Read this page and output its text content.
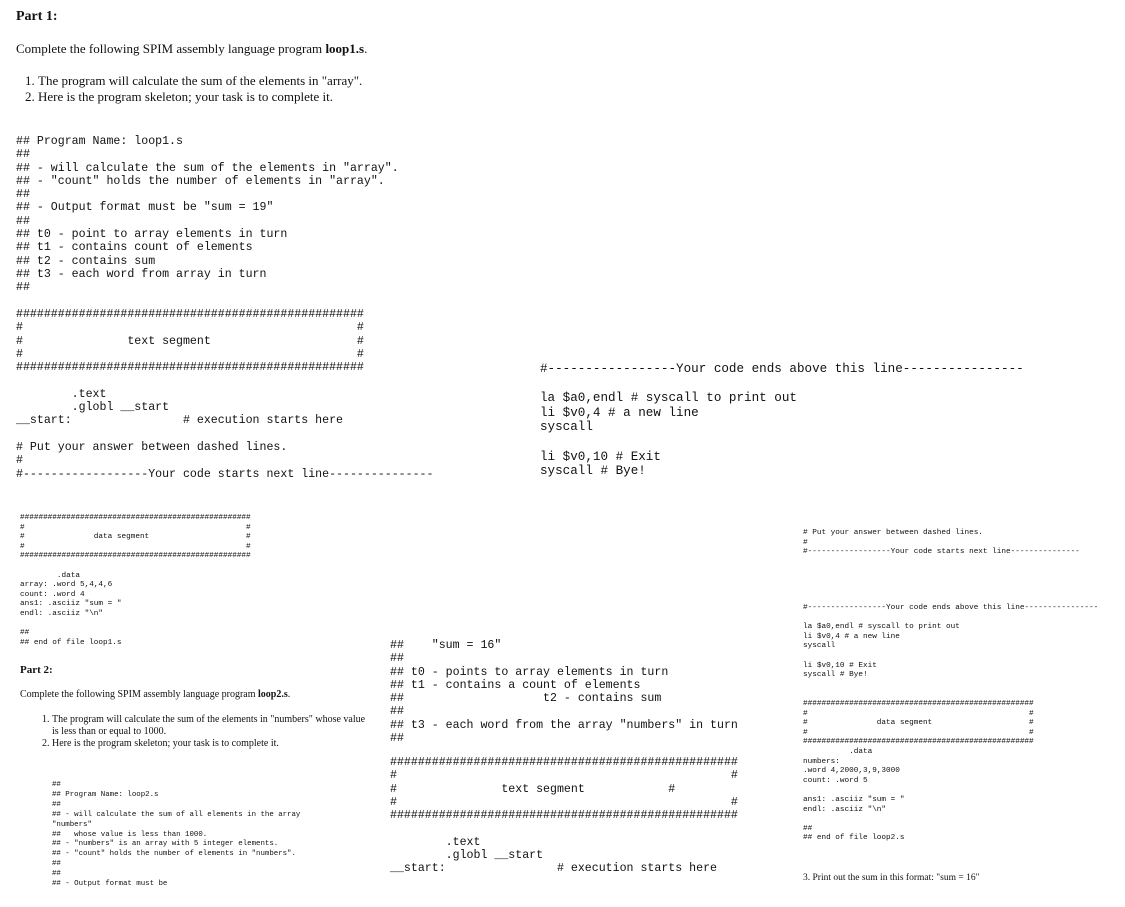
Part 1:
Complete the following SPIM assembly language program loop1.s.
1. The program will calculate the sum of the elements in "array".
2. Here is the program skeleton; your task is to complete it.
## Program Name: loop1.s
##
## - will calculate the sum of the elements in "array".
## - "count" holds the number of elements in "array".
##
## - Output format must be "sum = 19"
##
## t0 - point to array elements in turn
## t1 - contains count of elements
## t2 - contains sum
## t3 - each word from array in turn
##
##################################################
#                                                #
#               text segment                     #
#                                                #
##################################################

.text
.globl __start
__start:                # execution starts here

# Put your answer between dashed lines.
#
#------------------Your code starts next line---------------
#-----------------Your code ends above this line----------------

la $a0,endl # syscall to print out
li $v0,4 # a new line
syscall

li $v0,10 # Exit
syscall # Bye!
##################################################
#                                                #
#               data segment                     #
#                                                #
##################################################

.data
array: .word 5,4,4,6
count: .word 4
ans1: .asciiz "sum = "
endl: .asciiz "\n"

##
## end of file loop1.s
Part 2:
Complete the following SPIM assembly language program loop2.s.
1. The program will calculate the sum of the elements in "numbers" whose value is less than or equal to 1000.
2. Here is the program skeleton; your task is to complete it.
##
## Program Name: loop2.s
##
## - will calculate the sum of all elements in the array
"numbers"
##   whose value is less than 1000.
## - "numbers" is an array with 5 integer elements.
## - "count" holds the number of elements in "numbers".
##
##
## - Output format must be
##    "sum = 16"
##
## t0 - points to array elements in turn
## t1 - contains a count of elements
##                    t2 - contains sum
##
## t3 - each word from the array "numbers" in turn
##
##################################################
#                                                #
#               text segment            #
#                                                #
##################################################

.text
.globl __start
__start:                # execution starts here
# Put your answer between dashed lines.
#
#------------------Your code starts next line---------------
#-----------------Your code ends above this line----------------

la $a0,endl # syscall to print out
li $v0,4 # a new line
syscall

li $v0,10 # Exit
syscall # Bye!
##################################################
#                                                #
#               data segment                     #
#                                                #
##################################################
.data
numbers:
.word 4,2000,3,9,3000
count: .word 5

ans1: .asciiz "sum = "
endl: .asciiz "\n"

##
## end of file loop2.s
3. Print out the sum in this format: "sum = 16"
